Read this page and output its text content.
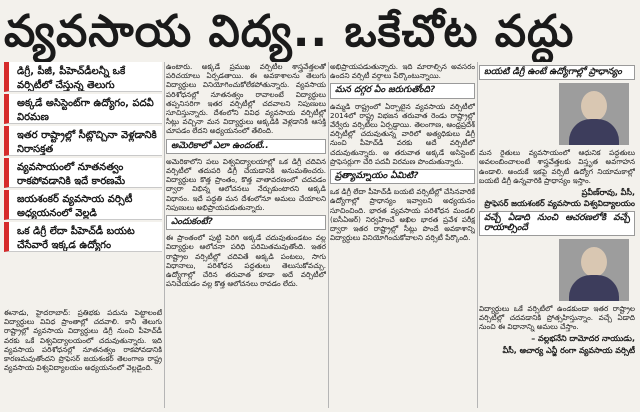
వ్యవసాయ విద్య.. ఒకేచోట వద్దు
డిగ్రీ, పీజీ, పీహెచ్‌డీలన్నీ ఒకే వర్సిటీలో చేస్తున్న తెలుగు
అక్కడే అసిస్టెంట్‌గా ఉద్యోగం, పదవీ విరమణ
ఇతర రాష్ట్రాల్లో సీట్లొచ్చినా వెళ్లడానికి నిరాసక్తత
వ్యవసాయంలో నూతనత్వం రాకపోవడానికి ఇదే కారణమే
జయశంకర్ వ్యవసాయ వర్సిటీ అధ్యయనంలో వెల్లడి
ఒక డిగ్రీ లేదా పీహెచ్‌డీ బయట చేసేవారే ఇక్కడ ఉద్యోగం

ఈనాడు, హైదరాబాద్: ప్రతిభకు పదును పెట్టాలంటే విద్యార్థులు వివిధ ప్రాంతాల్లో చదవాలి. కానీ తెలుగు రాష్ట్రాల్లో వ్యవసాయ విద్యార్థులు డిగ్రీ నుంచి పీహెచ్‌డీ వరకు ఒకే విశ్వవిద్యాలయంలో చదువుతున్నారు. ఇది వ్యవసాయ పరిశోధనల్లో నూతనత్వం రాకపోవడానికి కారణమవుతోందని ప్రొఫెసర్ జయశంకర్ తెలంగాణ రాష్ట్ర వ్యవసాయ విశ్వవిద్యాలయం అధ్యయనంలో వెల్లడైంది.

ఉంటారు. అక్కడే ప్రముఖ వర్సిటీల శాస్త్రవేత్తలతో పరిచయాలు ఏర్పడతాయి. ఈ అవకాశాలను తెలుగు విద్యార్థులు వినియోగించుకోలేకపోతున్నారు. వ్యవసాయ పరిశోధనల్లో నూతనత్వం రావాలంటే విద్యార్థులు తప్పనిసరిగా ఇతర వర్సిటీల్లో చదవాలని నిపుణులు సూచిస్తున్నారు. దేశంలోని వివిధ వ్యవసాయ వర్సిటీల్లో సీట్లు వచ్చినా మన విద్యార్థులు అక్కడికి వెళ్లడానికి ఆసక్తి చూపడం లేదని అధ్యయనంలో తేలింది.

అమెరికాలో ఎలా ఉందంటే..

అమెరికాలోని పలు విశ్వవిద్యాలయాల్లో ఒక డిగ్రీ చదివిన వర్సిటీలో తదుపరి డిగ్రీ చేయడానికి అనుమతించరు. విద్యార్థులు కొత్త ప్రాంతం, కొత్త వాతావరణంలో చదవడం ద్వారా విభిన్న ఆలోచనలు నేర్చుకుంటారని అక్కడి విధానం. ఇదే పద్ధతి మన దేశంలోనూ అమలు చేయాలని నిపుణులు అభిప్రాయపడుతున్నారు.

ఎందుకంటే?

ఈ ప్రాంతంలో పుట్టి పెరిగి అక్కడే చదువుతుండటం వల్ల విద్యార్థుల ఆలోచనా పరిధి పరిమితమవుతోంది. ఇతర రాష్ట్రాల వర్సిటీల్లో చదివితే అక్కడి పంటలు, సాగు విధానాలు, పరిశోధన పద్ధతులు తెలుసుకోవచ్చు. ఉద్యోగాల్లో చేరిన తరువాత కూడా అదే వర్సిటీలో పనిచేయడం వల్ల కొత్త ఆలోచనలు రావడం లేదు.

అభిప్రాయపడుతున్నారు. ఇది మారాల్సిన అవసరం ఉందని వర్సిటీ వర్గాలు పేర్కొంటున్నాయి.

మన దగ్గర ఏం జరుగుతోంది?

ఉమ్మడి రాష్ట్రంలో ఏర్పాటైన వ్యవసాయ వర్సిటీలో 2014లో రాష్ట్ర విభజన తరువాత రెండు రాష్ట్రాల్లో వేర్వేరు వర్సిటీలు ఏర్పడ్డాయి. తెలంగాణ, ఆంధ్రప్రదేశ్ వర్సిటీల్లో చదువుతున్న వారిలో అత్యధికులు డిగ్రీ నుంచి పీహెచ్‌డీ వరకు అదే వర్సిటీలో చదువుతున్నారు. ఆ తరువాత అక్కడే అసిస్టెంట్ ప్రొఫెసర్లుగా చేరి పదవీ విరమణ పొందుతున్నారు.

ప్రత్యామ్నాయం ఏమిటి?

ఒక డిగ్రీ లేదా పీహెచ్‌డీ బయటి వర్సిటీల్లో చేసినవారికే ఉద్యోగాల్లో ప్రాధాన్యం ఇవ్వాలని అధ్యయనం సూచించింది. భారత వ్యవసాయ పరిశోధన మండలి (ఐసీఏఆర్) నిర్వహించే అఖిల భారత ప్రవేశ పరీక్ష ద్వారా ఇతర రాష్ట్రాల్లో సీట్లు పొందే అవకాశాన్ని విద్యార్థులు వినియోగించుకోవాలని వర్సిటీ పేర్కొంది.

బయటి డిగ్రీ ఉంటే ఉద్యోగాల్లో ప్రాధాన్యం

మన రైతులు వ్యవసాయంలో ఆధునిక పద్ధతులు అవలంబించాలంటే శాస్త్రవేత్తలకు విస్తృత అవగాహన ఉండాలి. అందుకే ఇకపై వర్సిటీ ఉద్యోగ నియామకాల్లో బయటి డిగ్రీ ఉన్నవారికి ప్రాధాన్యం ఇస్తాం.

ప్రవీణ్‌రావు, వీసీ,
ప్రొఫెసర్ జయశంకర్ వ్యవసాయ విశ్వవిద్యాలయం
వచ్చే ఏడాది నుంచి ఆచరణలోకి వచ్చే రాయాల్సిందే

విద్యార్థులు ఒకే వర్సిటీలో ఉండకుండా ఇతర రాష్ట్రాల వర్సిటీల్లో చదవడానికి ప్రోత్సహిస్తున్నాం. వచ్చే ఏడాది నుంచి ఈ విధానాన్ని అమలు చేస్తాం.

– వల్లభనేని దామోదర నాయుడు,
వీసీ, ఆచార్య ఎన్జీ రంగా వ్యవసాయ వర్సిటీ
